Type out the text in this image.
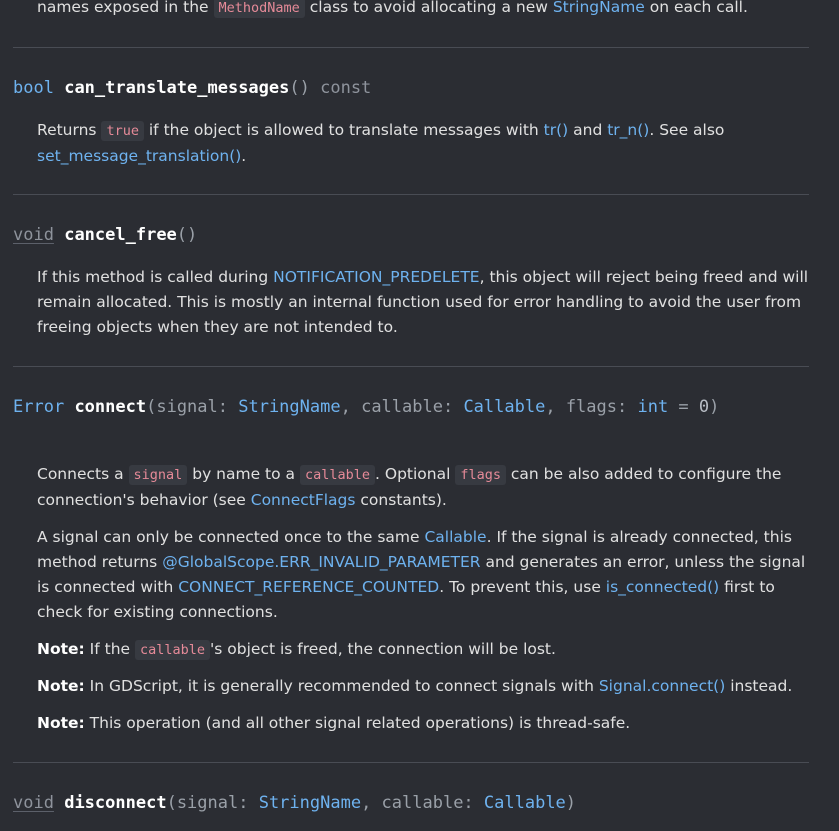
names exposed in the MethodName class to avoid allocating a new StringName on each call.

bool can_translate_messages() const

Returns true if the object is allowed to translate messages with tr() and tr_n(). See also
set_message_translation().

void cancel_free()

If this method is called during NOTIFICATION_PREDELETE, this object will reject being freed and will remain allocated. This is mostly an internal function used for error handling to avoid the user from freeing objects when they are not intended to.

Error connect(signal: StringName, callable: Callable, flags: int = 0)

Connects a signal by name to a callable . Optional flags can be also added to configure the connection's behavior (see ConnectFlags constants).

A signal can only be connected once to the same Callable. If the signal is already connected, this method returns @GlobalScope.ERR_INVALID_PARAMETER and generates an error, unless the signal is connected with CONNECT_REFERENCE_COUNTED. To prevent this, use is_connected() first to check for existing connections.

Note: If the callable 's object is freed, the connection will be lost.

Note: In GDScript, it is generally recommended to connect signals with Signal.connect() instead.

Note: This operation (and all other signal related operations) is thread-safe.

void disconnect(signal: StringName, callable: Callable)
